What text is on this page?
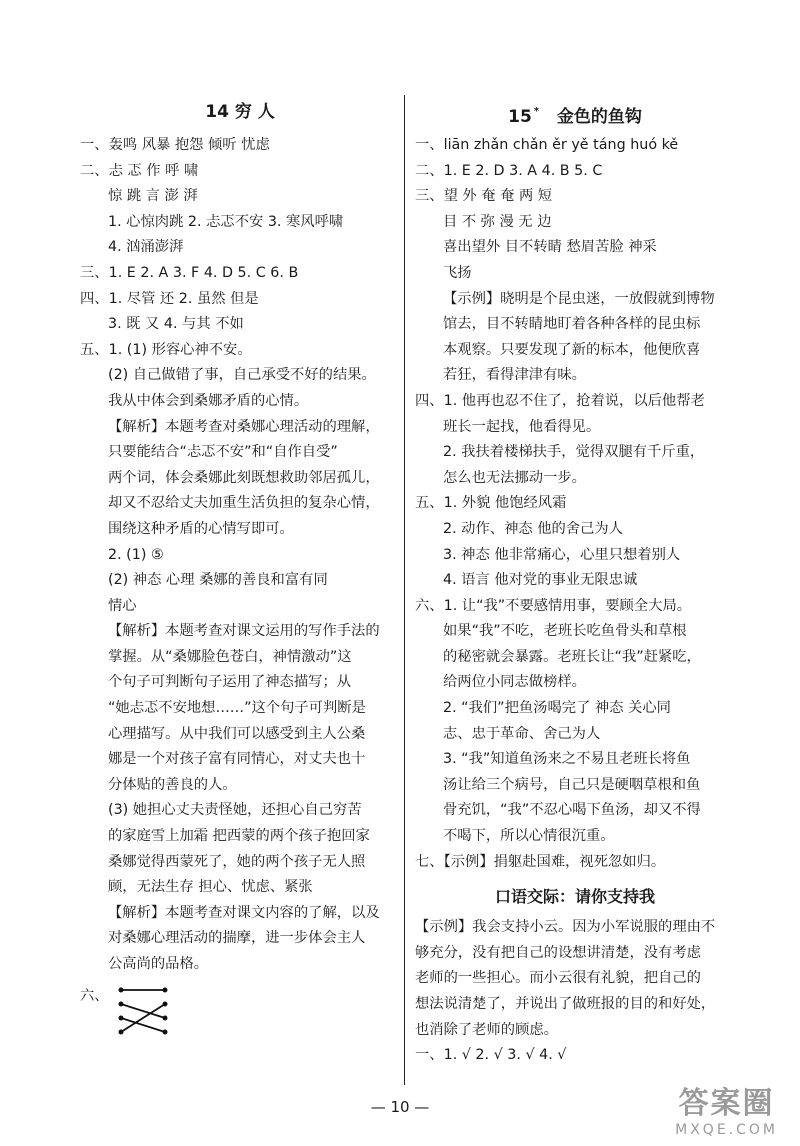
14 穷 人
一、轰鸣 风暴 抱怨 倾听 忧虑
二、忐 忑 作 呼 啸
惊 跳 言 澎 湃
1. 心惊肉跳 2. 忐忑不安 3. 寒风呼啸
4. 汹涌澎湃
三、1. E 2. A 3. F 4. D 5. C 6. B
四、1. 尽管 还 2. 虽然 但是
3. 既 又 4. 与其 不如
五、1. (1) 形容心神不安。
(2) 自己做错了事，自己承受不好的结果。
我从中体会到桑娜矛盾的心情。
【解析】本题考查对桑娜心理活动的理解，
只要能结合“忐忑不安”和“自作自受”
两个词，体会桑娜此刻既想救助邻居孤儿，
却又不忍给丈夫加重生活负担的复杂心情，
围绕这种矛盾的心情写即可。
2. (1) ⑤
(2) 神态 心理 桑娜的善良和富有同
情心
【解析】本题考查对课文运用的写作手法的
掌握。从“桑娜脸色苍白，神情激动”这
个句子可判断句子运用了神态描写；从
“她忐忑不安地想……”这个句子可判断是
心理描写。从中我们可以感受到主人公桑
娜是一个对孩子富有同情心，对丈夫也十
分体贴的善良的人。
(3) 她担心丈夫责怪她，还担心自己穷苦
的家庭雪上加霜 把西蒙的两个孩子抱回家
桑娜觉得西蒙死了，她的两个孩子无人照
顾，无法生存 担心、忧虑、紧张
【解析】本题考查对课文内容的了解，以及
对桑娜心理活动的揣摩，进一步体会主人
公高尚的品格。
六、
15 * 金色的鱼钩
一、liān zhǎn chǎn ěr yě táng huó kě
二、1. E 2. D 3. A 4. B 5. C
三、望 外 奄 奄 两 短
目 不 弥 漫 无 边
喜出望外 目不转睛 愁眉苦脸 神采
飞扬
【示例】晓明是个昆虫迷，一放假就到博物
馆去，目不转睛地盯着各种各样的昆虫标
本观察。只要发现了新的标本，他便欣喜
若狂，看得津津有味。
四、1. 他再也忍不住了，抢着说，以后他帮老
班长一起找，他看得见。
2. 我扶着楼梯扶手，觉得双腿有千斤重，
怎么也无法挪动一步。
五、1. 外貌 他饱经风霜
2. 动作、神态 他的舍己为人
3. 神态 他非常痛心，心里只想着别人
4. 语言 他对党的事业无限忠诚
六、1. 让“我”不要感情用事，要顾全大局。
如果“我”不吃，老班长吃鱼骨头和草根
的秘密就会暴露。老班长让“我”赶紧吃，
给两位小同志做榜样。
2. “我们”把鱼汤喝完了 神态 关心同
志、忠于革命、舍己为人
3. “我”知道鱼汤来之不易且老班长将鱼
汤让给三个病号，自己只是硬咽草根和鱼
骨充饥，“我”不忍心喝下鱼汤，却又不得
不喝下，所以心情很沉重。
七、【示例】捐躯赴国难，视死忽如归。
口语交际：请你支持我
【示例】我会支持小云。因为小军说服的理由不
够充分，没有把自己的设想讲清楚，没有考虑
老师的一些担心。而小云很有礼貌，把自己的
想法说清楚了，并说出了做班报的目的和好处，
也消除了老师的顾虑。
一、1. √ 2. √ 3. √ 4. √
— 10 —	答案圈
MXQE.COM
